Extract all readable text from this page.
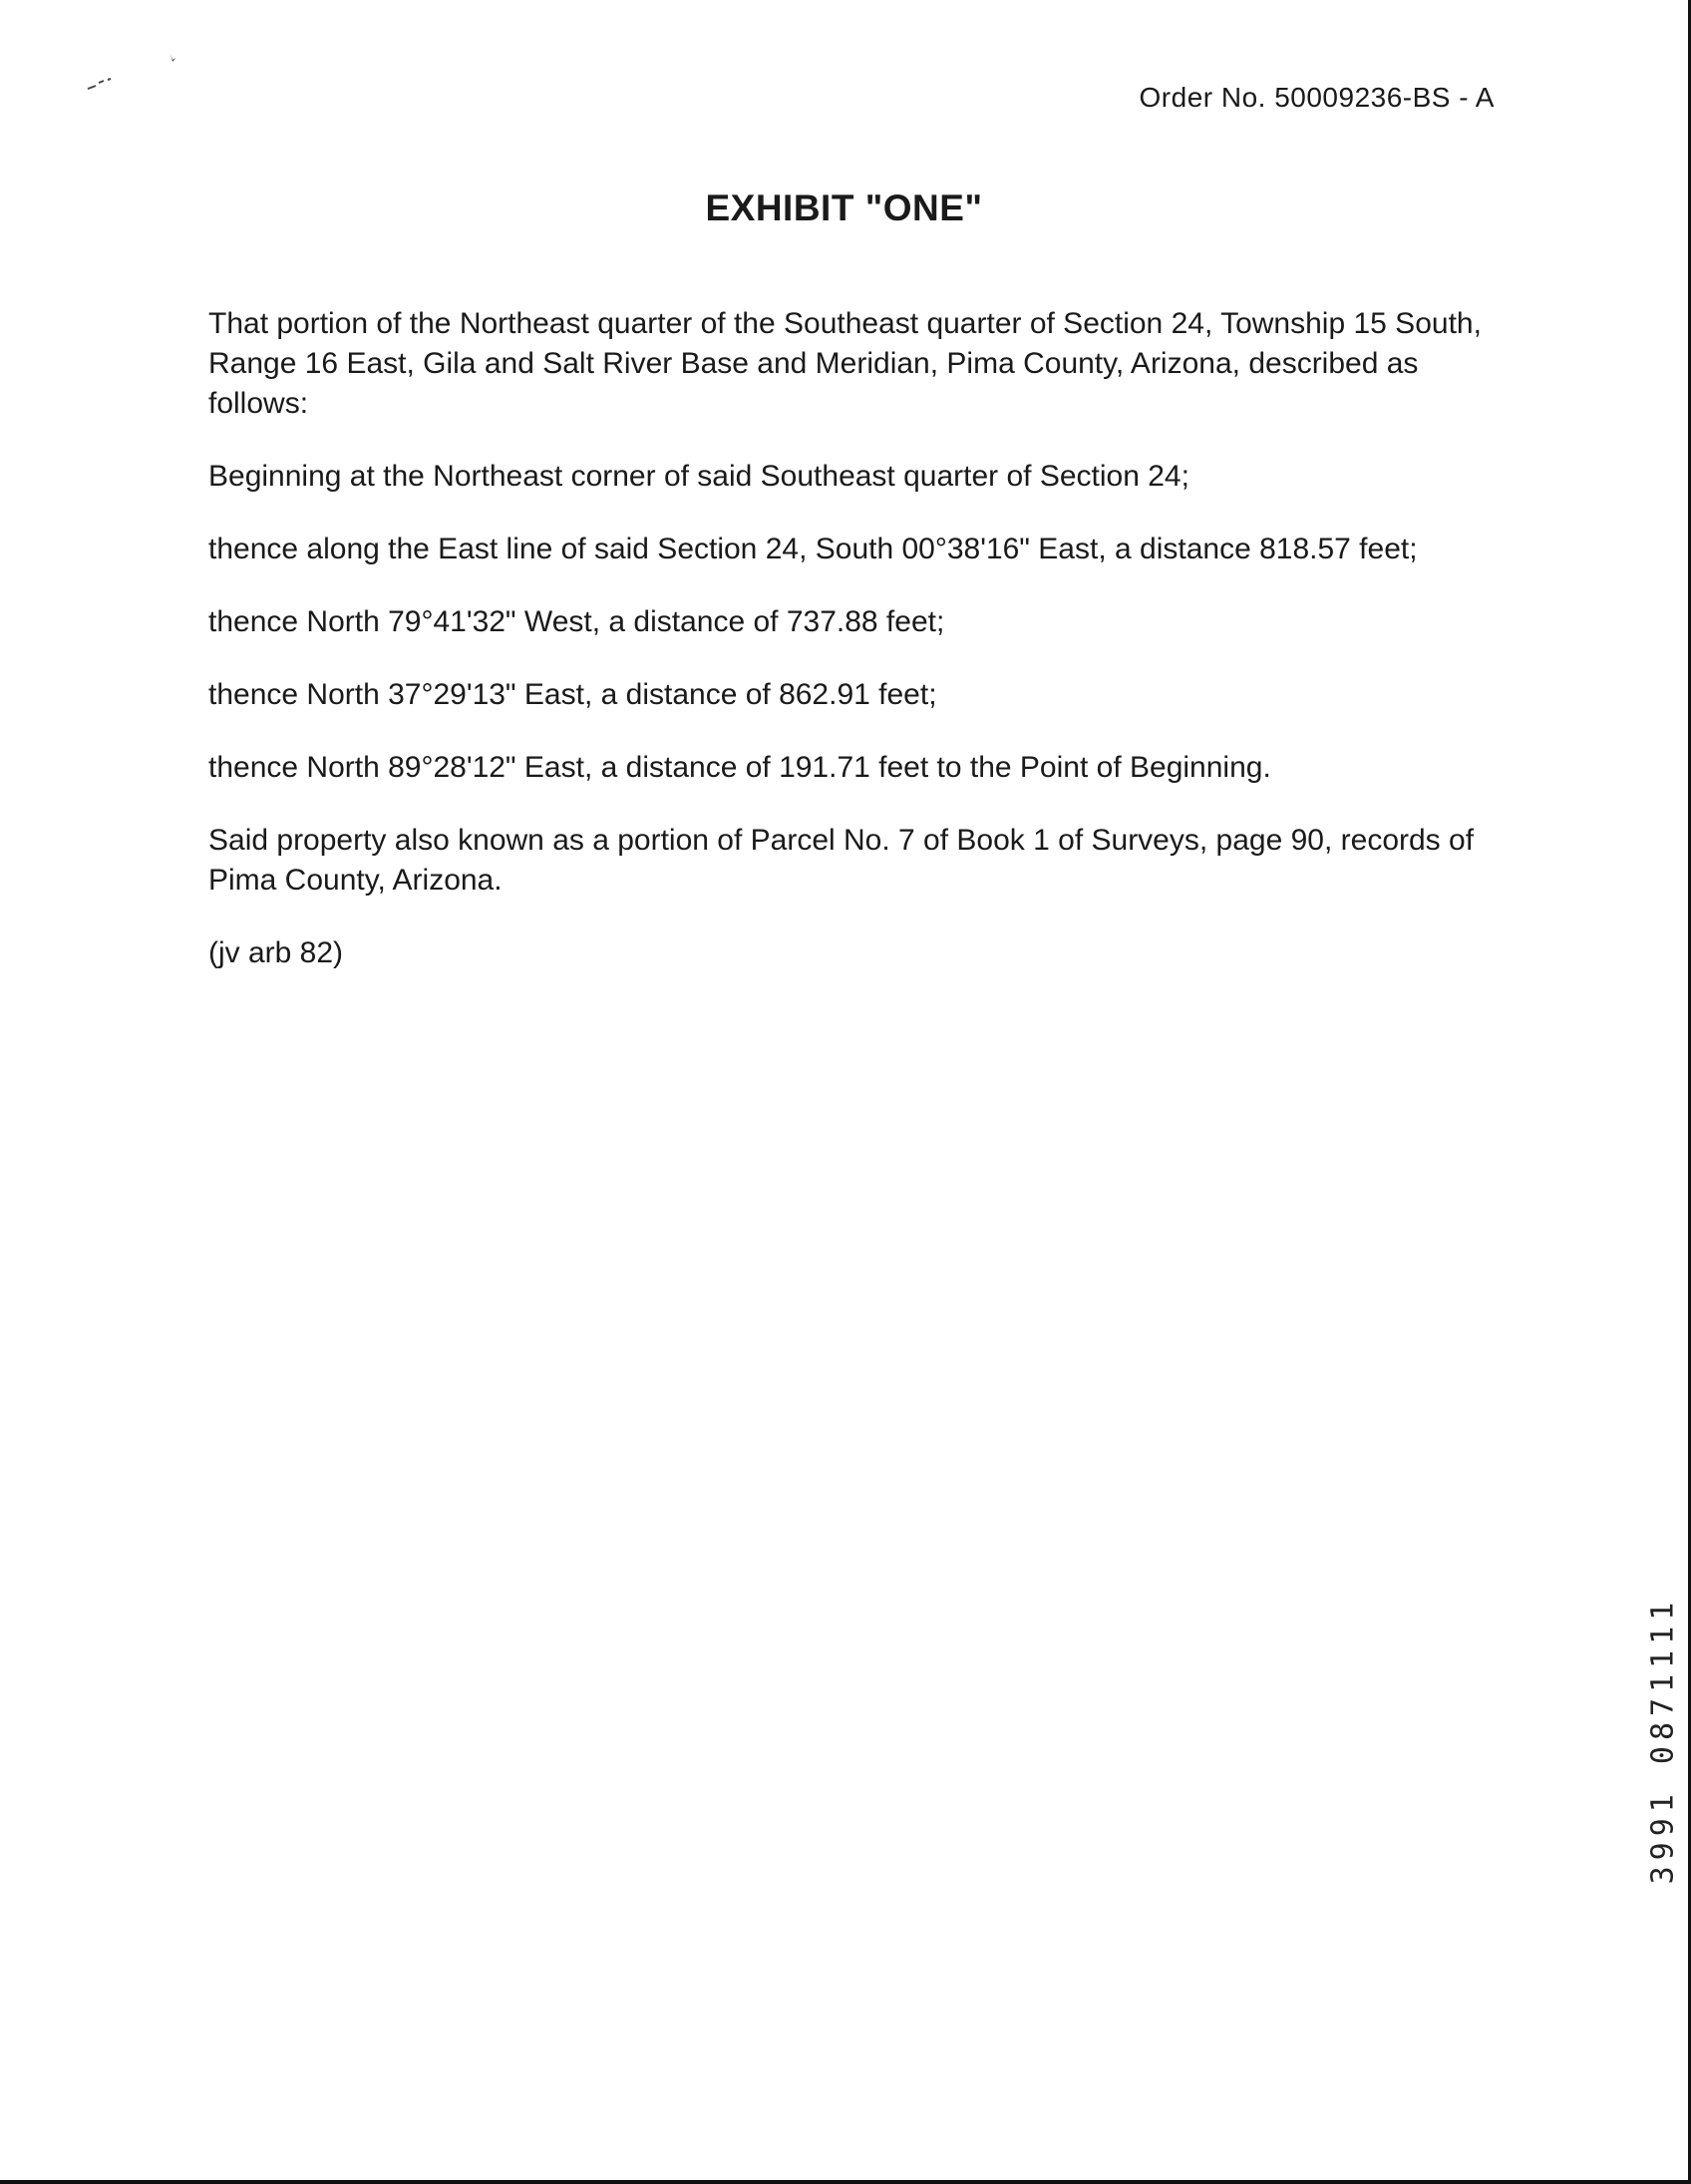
Order No. 50009236-BS - A
EXHIBIT "ONE"

That portion of the Northeast quarter of the Southeast quarter of Section 24, Township 15 South, Range 16 East, Gila and Salt River Base and Meridian, Pima County, Arizona, described as follows:

Beginning at the Northeast corner of said Southeast quarter of Section 24;

thence along the East line of said Section 24, South 00°38'16" East, a distance 818.57 feet;

thence North 79°41'32" West, a distance of 737.88 feet;

thence North 37°29'13" East, a distance of 862.91 feet;

thence North 89°28'12" East, a distance of 191.71 feet to the Point of Beginning.

Said property also known as a portion of Parcel No. 7 of Book 1 of Surveys, page 90, records of Pima County, Arizona.

(jv arb 82)

3991 0871111
